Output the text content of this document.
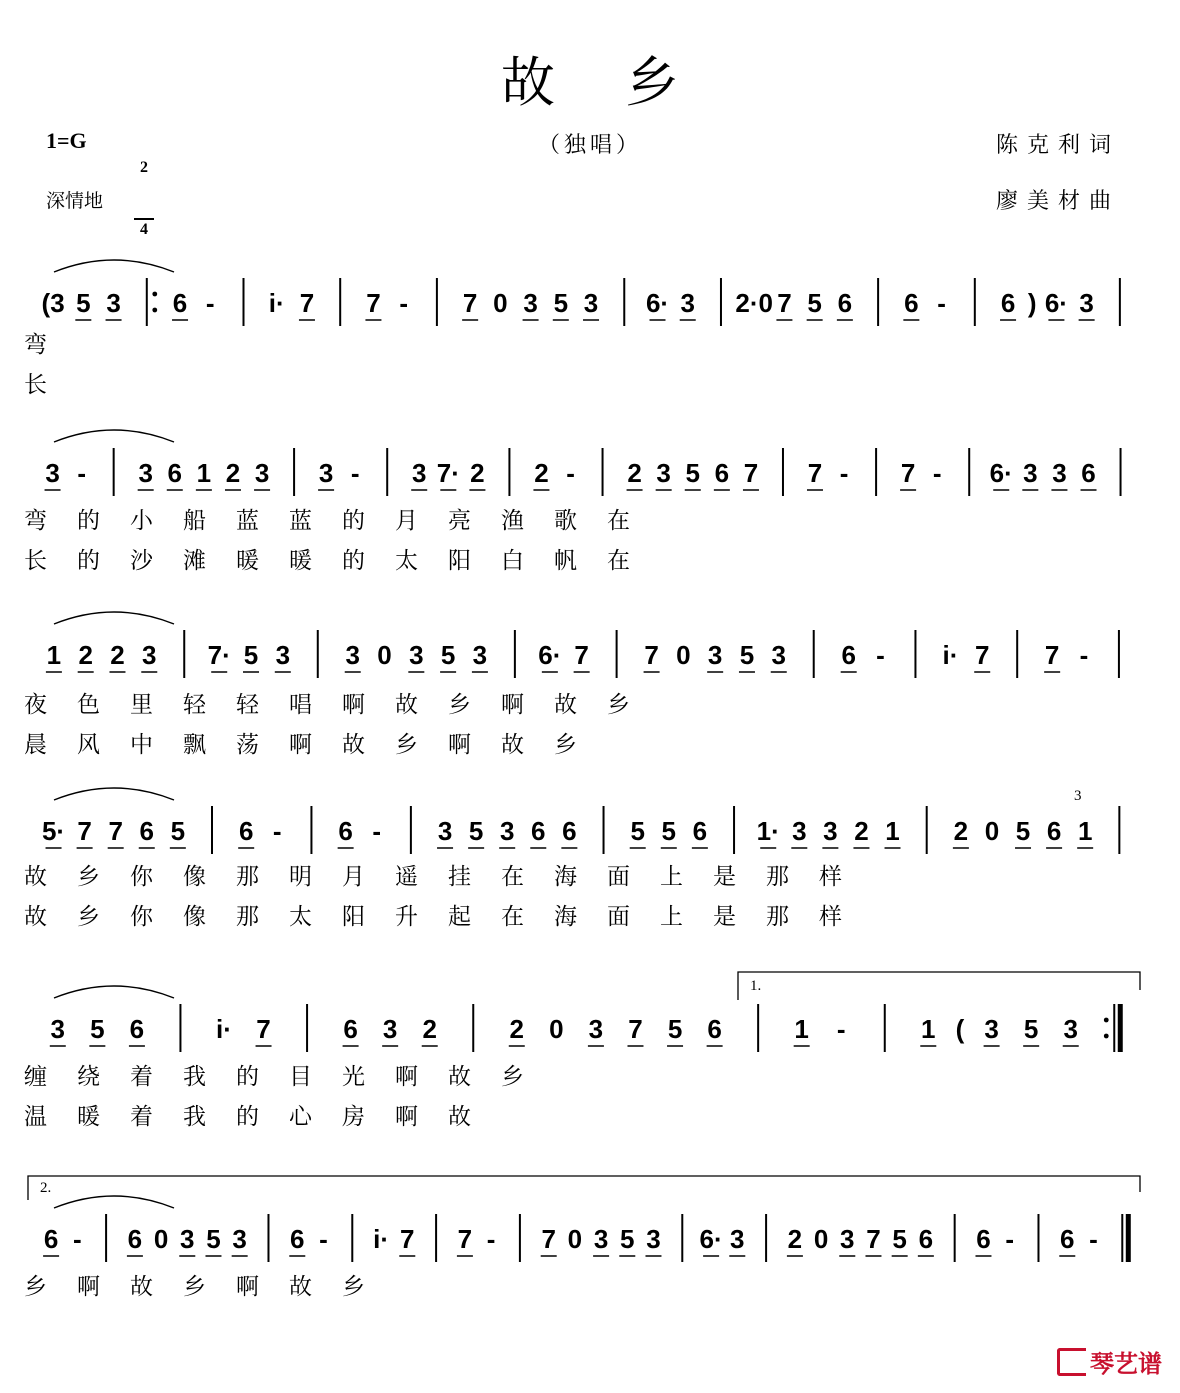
故乡
1=G

2

4

（独唱）	陈克利词
深情地	廖美材曲
(3 5 3 6 - i· 7 7 - 7 0 3 5 3 6· 3 2·0 7 5 6 6 - 6 ) 6· 3
弯
长
3 - 3 6 1 2 3 3 - 3 7· 2 2 - 2 3 5 6 7 7 - 7 - 6· 3 3 6
弯的小船蓝蓝的月亮渔歌在
长的沙滩暖暖的太阳白帆在
1 2 2 3 7· 5 3 3 0 3 5 3 6· 7 7 0 3 5 3 6 - i· 7 7 -
夜色里轻轻唱啊故乡啊故乡
晨风中飘荡啊故乡啊故乡
5· 7 7 6 5 6 - 6 - 3 5 3 6 6 5 5 6 1· 3 3 2 1 2 0 5 6 1
故乡你像那明月遥挂在海面上是那样
故乡你像那太阳升起在海面上是那样
3 5 6	i· 7	6 3 2	2 0 3 7 5 6	1 -	1 ( 3 5 3
缠绕着我的目光啊故乡
温暖着我的心房啊故
6 - 6 0 3 5 3 6 - i· 7 7 - 7 0 3 5 3 6· 3 2 0 3 7 5 6 6 - 6 -
乡啊故乡啊故乡
1.
2.
3
琴艺谱
